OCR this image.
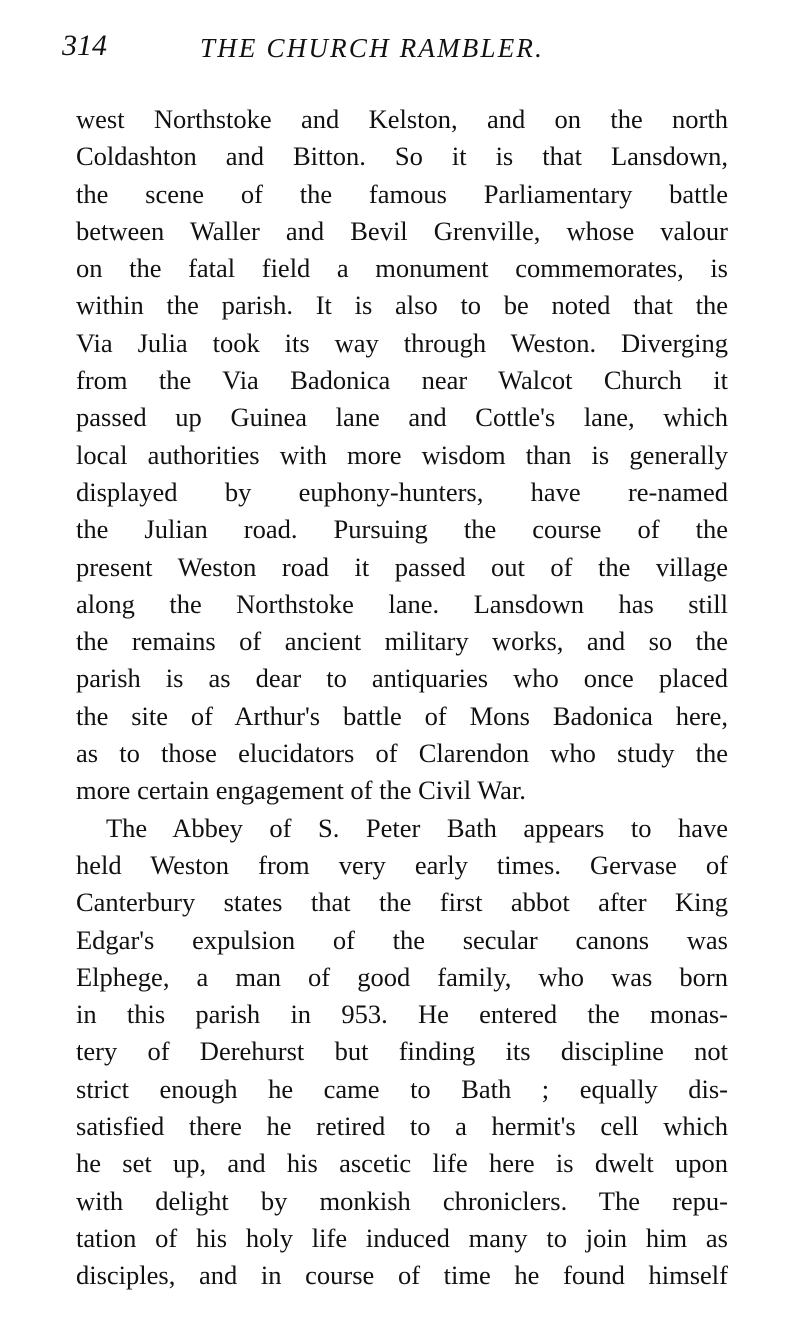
314	THE CHURCH RAMBLER.
west Northstoke and Kelston, and on the north
Coldashton and Bitton. So it is that Lansdown,
the scene of the famous Parliamentary battle
between Waller and Bevil Grenville, whose valour
on the fatal field a monument commemorates, is
within the parish. It is also to be noted that the
Via Julia took its way through Weston. Diverging
from the Via Badonica near Walcot Church it
passed up Guinea lane and Cottle's lane, which
local authorities with more wisdom than is generally
displayed by euphony-hunters, have re-named
the Julian road. Pursuing the course of the
present Weston road it passed out of the village
along the Northstoke lane. Lansdown has still
the remains of ancient military works, and so the
parish is as dear to antiquaries who once placed
the site of Arthur's battle of Mons Badonica here,
as to those elucidators of Clarendon who study the
more certain engagement of the Civil War.
The Abbey of S. Peter Bath appears to have
held Weston from very early times. Gervase of
Canterbury states that the first abbot after King
Edgar's expulsion of the secular canons was
Elphege, a man of good family, who was born
in this parish in 953. He entered the monas-
tery of Derehurst but finding its discipline not
strict enough he came to Bath ; equally dis-
satisfied there he retired to a hermit's cell which
he set up, and his ascetic life here is dwelt upon
with delight by monkish chroniclers. The repu-
tation of his holy life induced many to join him as
disciples, and in course of time he found himself
